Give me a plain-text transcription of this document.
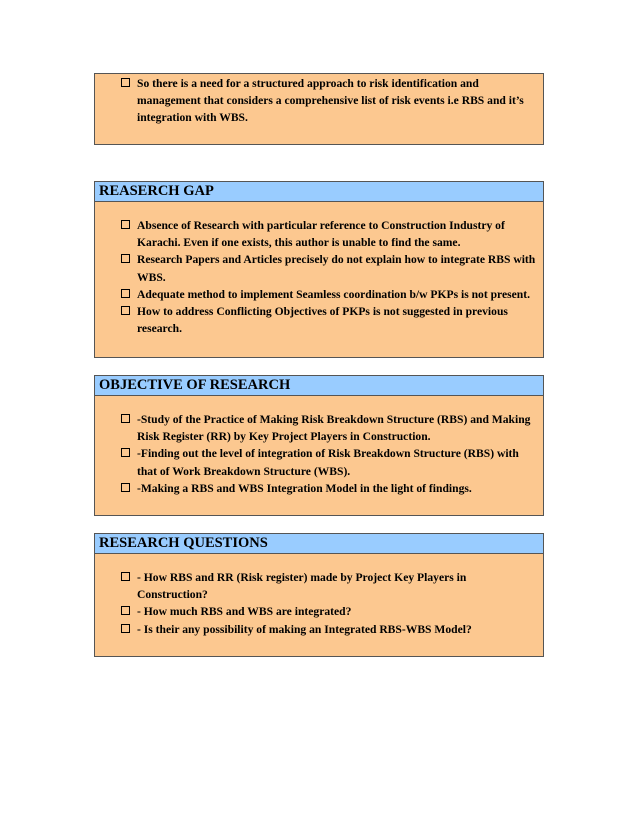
So there is a need for a structured approach to risk identification and management that considers a comprehensive list of risk events i.e RBS and it’s integration with WBS.
REASERCH GAP
Absence of Research with particular reference to Construction Industry of Karachi. Even if one exists, this author is unable to find the same.
Research Papers and Articles precisely do not explain how to integrate RBS with WBS.
Adequate method to implement Seamless coordination b/w PKPs is not present.
How to address Conflicting Objectives of PKPs is not suggested in previous research.
OBJECTIVE OF RESEARCH
-Study of the Practice of Making Risk Breakdown Structure (RBS) and Making Risk Register (RR) by Key Project Players in Construction.
-Finding out the level of integration of Risk Breakdown Structure (RBS) with that of Work Breakdown Structure (WBS).
-Making a RBS and WBS Integration Model in the light of findings.
RESEARCH QUESTIONS
- How RBS and RR (Risk register) made by Project Key Players in Construction?
- How much RBS and WBS are integrated?
- Is their any possibility of making an Integrated RBS-WBS Model?
